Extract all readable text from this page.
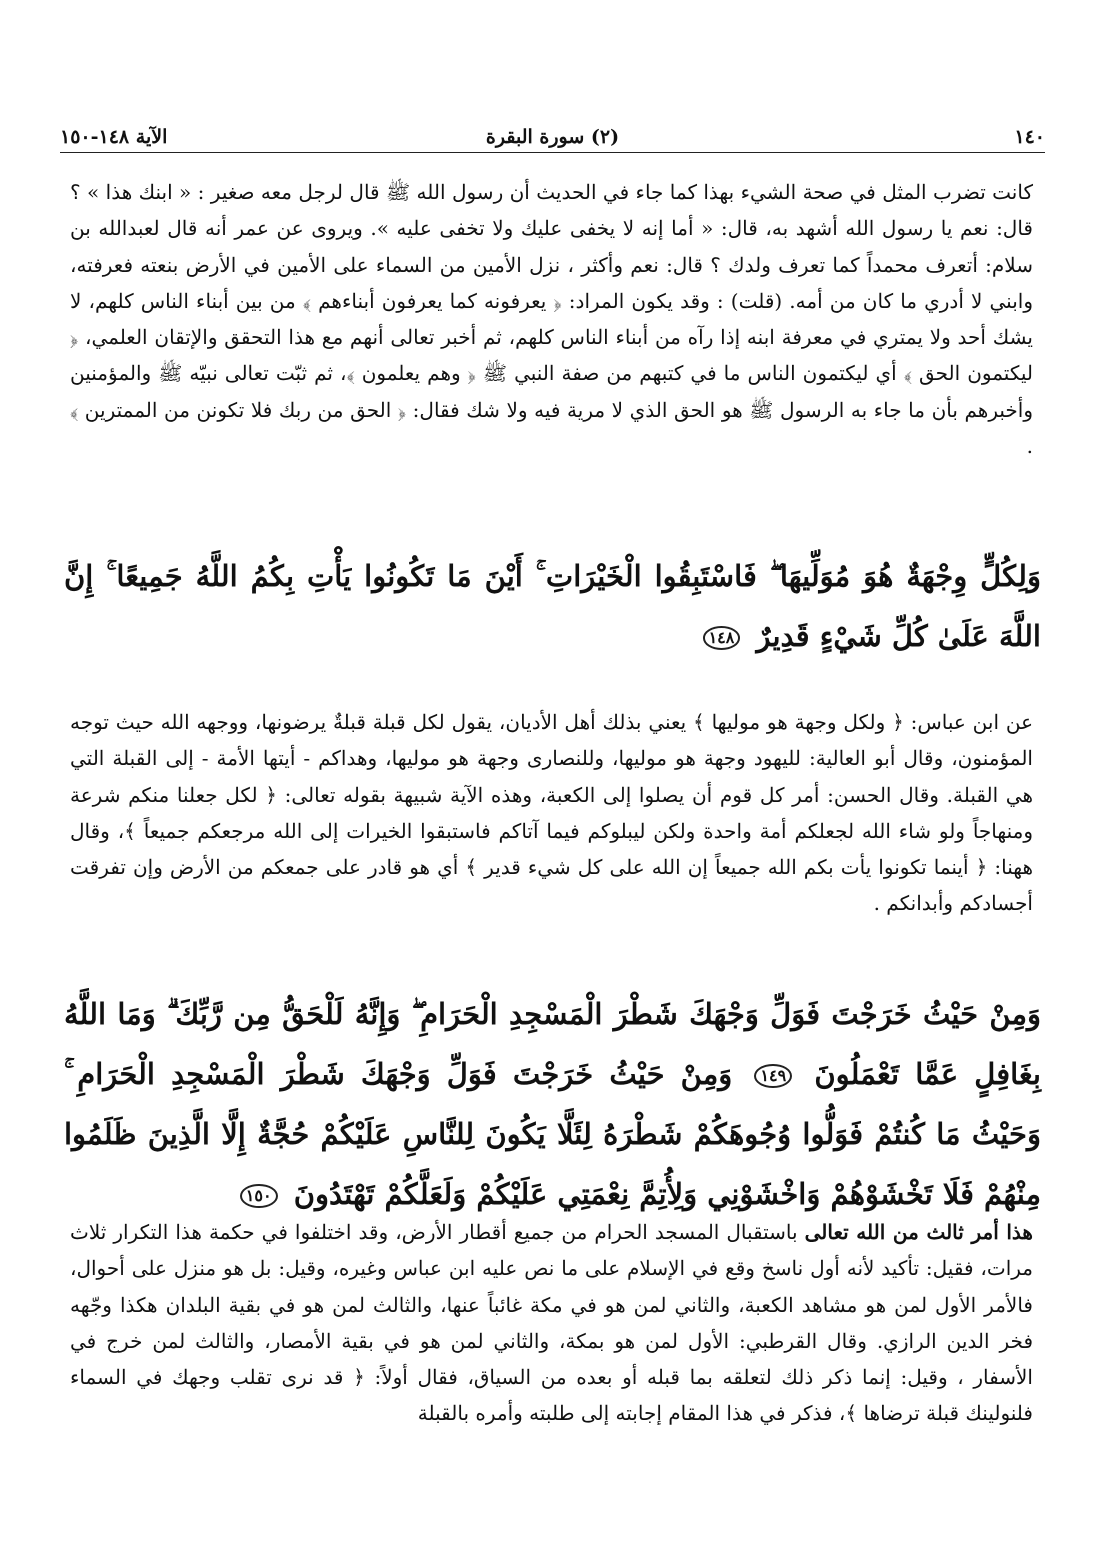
١٤٠
(٢) سورة البقرة
الآية ١٤٨-١٥٠

كانت تضرب المثل في صحة الشيء بهذا كما جاء في الحديث أن رسول الله ﷺ قال لرجل معه صغير : « ابنك هذا » ؟ قال: نعم يا رسول الله أشهد به، قال: « أما إنه لا يخفى عليك ولا تخفى عليه ». ويروى عن عمر أنه قال لعبدالله بن سلام: أتعرف محمداً كما تعرف ولدك ؟ قال: نعم وأكثر ، نزل الأمين من السماء على الأمين في الأرض بنعته فعرفته، وابني لا أدري ما كان من أمه. (قلت) : وقد يكون المراد: ﴿ يعرفونه كما يعرفون أبناءهم ﴾ من بين أبناء الناس كلهم، لا يشك أحد ولا يمتري في معرفة ابنه إذا رآه من أبناء الناس كلهم، ثم أخبر تعالى أنهم مع هذا التحقق والإتقان العلمي، ﴿ ليكتمون الحق ﴾ أي ليكتمون الناس ما في كتبهم من صفة النبي ﷺ ﴿ وهم يعلمون ﴾، ثم ثبّت تعالى نبيّه ﷺ والمؤمنين وأخبرهم بأن ما جاء به الرسول ﷺ هو الحق الذي لا مرية فيه ولا شك فقال: ﴿ الحق من ربك فلا تكونن من الممترين ﴾ .

وَلِكُلٍّ وِجْهَةٌ هُوَ مُوَلِّيهَا ۖ فَاسْتَبِقُوا الْخَيْرَاتِ ۚ أَيْنَ مَا تَكُونُوا يَأْتِ بِكُمُ اللَّهُ جَمِيعًا ۚ إِنَّ اللَّهَ عَلَىٰ كُلِّ شَيْءٍ قَدِيرٌ ١٤٨

عن ابن عباس: ﴿ ولكل وجهة هو موليها ﴾ يعني بذلك أهل الأديان، يقول لكل قبلة قبلةٌ يرضونها، ووجهه الله حيث توجه المؤمنون، وقال أبو العالية: لليهود وجهة هو موليها، وللنصارى وجهة هو موليها، وهداكم - أيتها الأمة - إلى القبلة التي هي القبلة. وقال الحسن: أمر كل قوم أن يصلوا إلى الكعبة، وهذه الآية شبيهة بقوله تعالى: ﴿ لكل جعلنا منكم شرعة ومنهاجاً ولو شاء الله لجعلكم أمة واحدة ولكن ليبلوكم فيما آتاكم فاستبقوا الخيرات إلى الله مرجعكم جميعاً ﴾، وقال ههنا: ﴿ أينما تكونوا يأت بكم الله جميعاً إن الله على كل شيء قدير ﴾ أي هو قادر على جمعكم من الأرض وإن تفرقت أجسادكم وأبدانكم .

وَمِنْ حَيْثُ خَرَجْتَ فَوَلِّ وَجْهَكَ شَطْرَ الْمَسْجِدِ الْحَرَامِ ۖ وَإِنَّهُ لَلْحَقُّ مِن رَّبِّكَ ۗ وَمَا اللَّهُ بِغَافِلٍ عَمَّا تَعْمَلُونَ ١٤٩ وَمِنْ حَيْثُ خَرَجْتَ فَوَلِّ وَجْهَكَ شَطْرَ الْمَسْجِدِ الْحَرَامِ ۚ وَحَيْثُ مَا كُنتُمْ فَوَلُّوا وُجُوهَكُمْ شَطْرَهُ لِئَلَّا يَكُونَ لِلنَّاسِ عَلَيْكُمْ حُجَّةٌ إِلَّا الَّذِينَ ظَلَمُوا مِنْهُمْ فَلَا تَخْشَوْهُمْ وَاخْشَوْنِي وَلِأُتِمَّ نِعْمَتِي عَلَيْكُمْ وَلَعَلَّكُمْ تَهْتَدُونَ ١٥٠

هذا أمر ثالث من الله تعالى باستقبال المسجد الحرام من جميع أقطار الأرض، وقد اختلفوا في حكمة هذا التكرار ثلاث مرات، فقيل: تأكيد لأنه أول ناسخ وقع في الإسلام على ما نص عليه ابن عباس وغيره، وقيل: بل هو منزل على أحوال، فالأمر الأول لمن هو مشاهد الكعبة، والثاني لمن هو في مكة غائباً عنها، والثالث لمن هو في بقية البلدان هكذا وجّهه فخر الدين الرازي. وقال القرطبي: الأول لمن هو بمكة، والثاني لمن هو في بقية الأمصار، والثالث لمن خرج في الأسفار ، وقيل: إنما ذكر ذلك لتعلقه بما قبله أو بعده من السياق، فقال أولاً: ﴿ قد نرى تقلب وجهك في السماء فلنولينك قبلة ترضاها ﴾، فذكر في هذا المقام إجابته إلى طلبته وأمره بالقبلة
